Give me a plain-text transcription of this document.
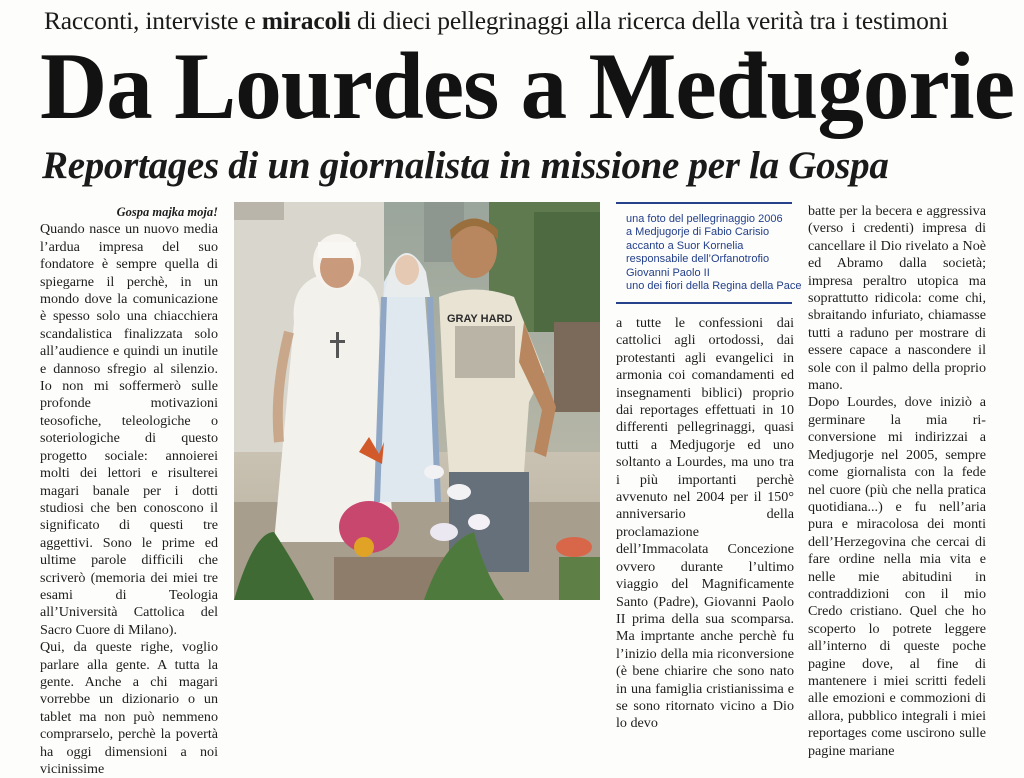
Racconti, interviste e miracoli di dieci pellegrinaggi alla ricerca della verità tra i testimoni
Da Lourdes a Međugorie
Reportages di un giornalista in missione per la Gospa

Gospa majka moja!

Quando nasce un nuovo media l’ardua impresa del suo fondatore è sempre quella di spiegarne il perchè, in un mondo dove la comunicazione è spesso solo una chiacchiera scandalistica finalizzata solo all’audience e quindi un inutile e dannoso sfregio al silenzio. Io non mi soffermerò sulle profonde motivazioni teosofiche, teleologiche o soteriologiche di questo progetto sociale: annoierei molti dei lettori e risulterei magari banale per i dotti studiosi che ben conoscono il significato di questi tre aggettivi. Sono le prime ed ultime parole difficili che scriverò (memoria dei miei tre esami di Teologia all’Università Cattolica del Sacro Cuore di Milano).

Qui, da queste righe, voglio parlare alla gente. A tutta la gente. Anche a chi magari vorrebbe un dizionario o un tablet ma non può nemmeno comprarselo, perchè la povertà ha oggi dimensioni a noi vicinissime

GRAY HARD
una foto del pellegrinaggio 2006
a Medjugorje di Fabio Carisio
accanto a Suor Kornelia
responsabile dell’Orfanotrofio
Giovanni Paolo II
uno dei fiori della Regina della Pace

a tutte le confessioni dai cattolici agli ortodossi, dai protestanti agli evangelici in armonia coi comandamenti ed insegnamenti biblici) proprio dai reportages effettuati in 10 differenti pellegrinaggi, quasi tutti a Medjugorje ed uno soltanto a Lourdes, ma uno tra i più importanti perchè avvenuto nel 2004 per il 150° anniversario della proclamazione dell’Immacolata Concezione ovvero durante l’ultimo viaggio del Magnificamente Santo (Padre), Giovanni Paolo II prima della sua scomparsa. Ma imprtante anche perchè fu l’inizio della mia riconversione (è bene chiarire che sono nato in una famiglia cristianissima e se sono ritornato vicino a Dio lo devo

batte per la becera e aggressiva (verso i credenti) impresa di cancellare il Dio rivelato a Noè ed Abramo dalla società; impresa peraltro utopica ma soprattutto ridicola: come chi, sbraitando infuriato, chiamasse tutti a raduno per mostrare di essere capace a nascondere il sole con il palmo della proprio mano.

Dopo Lourdes, dove iniziò a germinare la mia ri-conversione mi indirizzai a Medjugorje nel 2005, sempre come giornalista con la fede nel cuore (più che nella pratica quotidiana...) e fu nell’aria pura e miracolosa dei monti dell’Herzegovina che cercai di fare ordine nella mia vita e nelle mie abitudini in contraddizioni con il mio Credo cristiano. Quel che ho scoperto lo potrete leggere all’interno di queste poche pagine dove, al fine di mantenere i miei scritti fedeli alle emozioni e commozioni di allora, pubblico integrali i miei reportages come uscirono sulle pagine mariane
